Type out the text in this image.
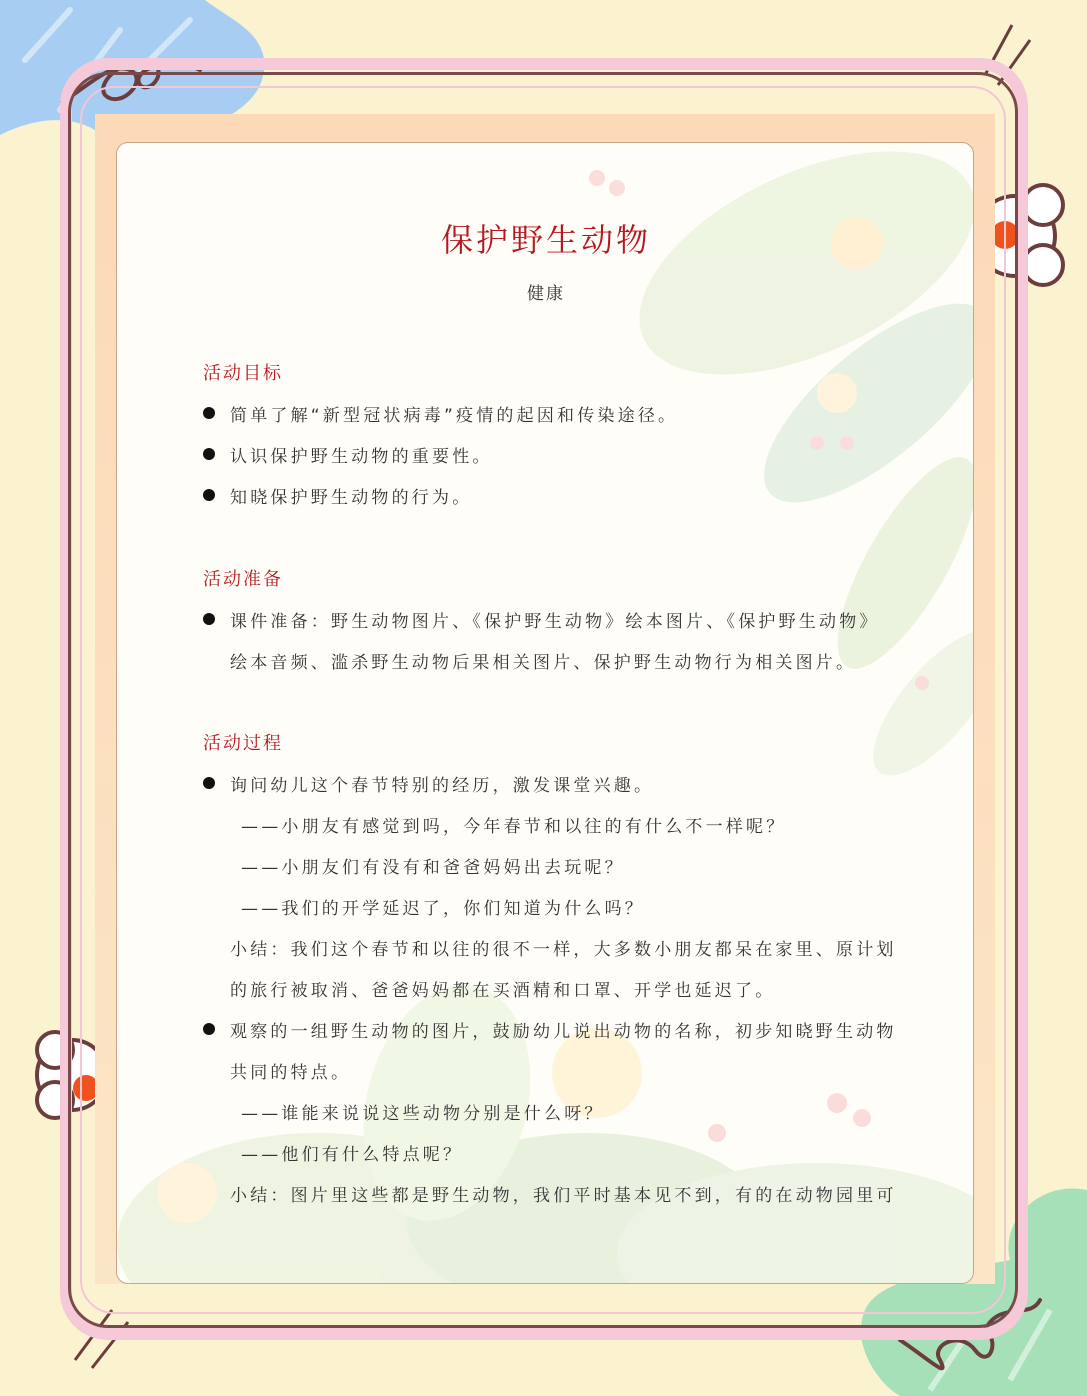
保护野生动物
健康
活动目标
简单了解“新型冠状病毒”疫情的起因和传染途径。
认识保护野生动物的重要性。
知晓保护野生动物的行为。
活动准备
课件准备：野生动物图片、《保护野生动物》绘本图片、《保护野生动物》
绘本音频、滥杀野生动物后果相关图片、保护野生动物行为相关图片。
活动过程
询问幼儿这个春节特别的经历，激发课堂兴趣。
——小朋友有感觉到吗，今年春节和以往的有什么不一样呢？
——小朋友们有没有和爸爸妈妈出去玩呢？
——我们的开学延迟了，你们知道为什么吗？
小结：我们这个春节和以往的很不一样，大多数小朋友都呆在家里、原计划
的旅行被取消、爸爸妈妈都在买酒精和口罩、开学也延迟了。
观察的一组野生动物的图片，鼓励幼儿说出动物的名称，初步知晓野生动物
共同的特点。
——谁能来说说这些动物分别是什么呀？
——他们有什么特点呢？
小结：图片里这些都是野生动物，我们平时基本见不到，有的在动物园里可
